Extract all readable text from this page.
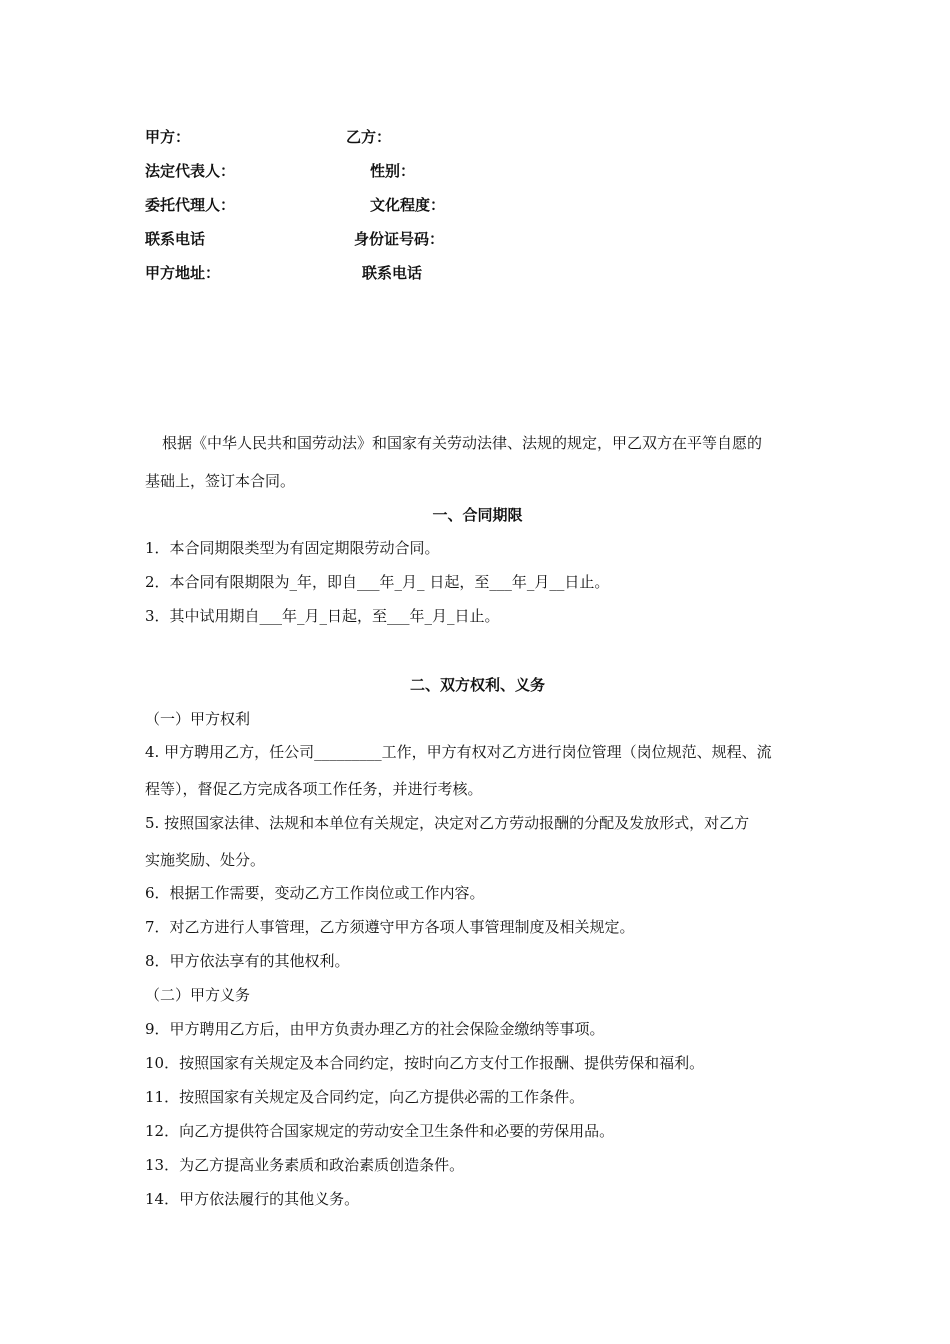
甲方：	乙方：
法定代表人：	性别：
委托代理人：	文化程度：
联系电话	身份证号码：
甲方地址：	联系电话
根据《中华人民共和国劳动法》和国家有关劳动法律、法规的规定，甲乙双方在平等自愿的
基础上，签订本合同。
一、合同期限
1．本合同期限类型为有固定期限劳动合同。
2．本合同有限期限为_年，即自___年_月_ 日起，至___年_月__日止。
3．其中试用期自___年_月_日起，至___年_月_日止。
二、双方权利、义务
（一）甲方权利
4. 甲方聘用乙方，任公司_________工作，甲方有权对乙方进行岗位管理（岗位规范、规程、流
程等），督促乙方完成各项工作任务，并进行考核。
5. 按照国家法律、法规和本单位有关规定，决定对乙方劳动报酬的分配及发放形式，对乙方
实施奖励、处分。
6．根据工作需要，变动乙方工作岗位或工作内容。
7．对乙方进行人事管理，乙方须遵守甲方各项人事管理制度及相关规定。
8．甲方依法享有的其他权利。
（二）甲方义务
9．甲方聘用乙方后，由甲方负责办理乙方的社会保险金缴纳等事项。
10．按照国家有关规定及本合同约定，按时向乙方支付工作报酬、提供劳保和福利。
11．按照国家有关规定及合同约定，向乙方提供必需的工作条件。
12．向乙方提供符合国家规定的劳动安全卫生条件和必要的劳保用品。
13．为乙方提高业务素质和政治素质创造条件。
14．甲方依法履行的其他义务。
